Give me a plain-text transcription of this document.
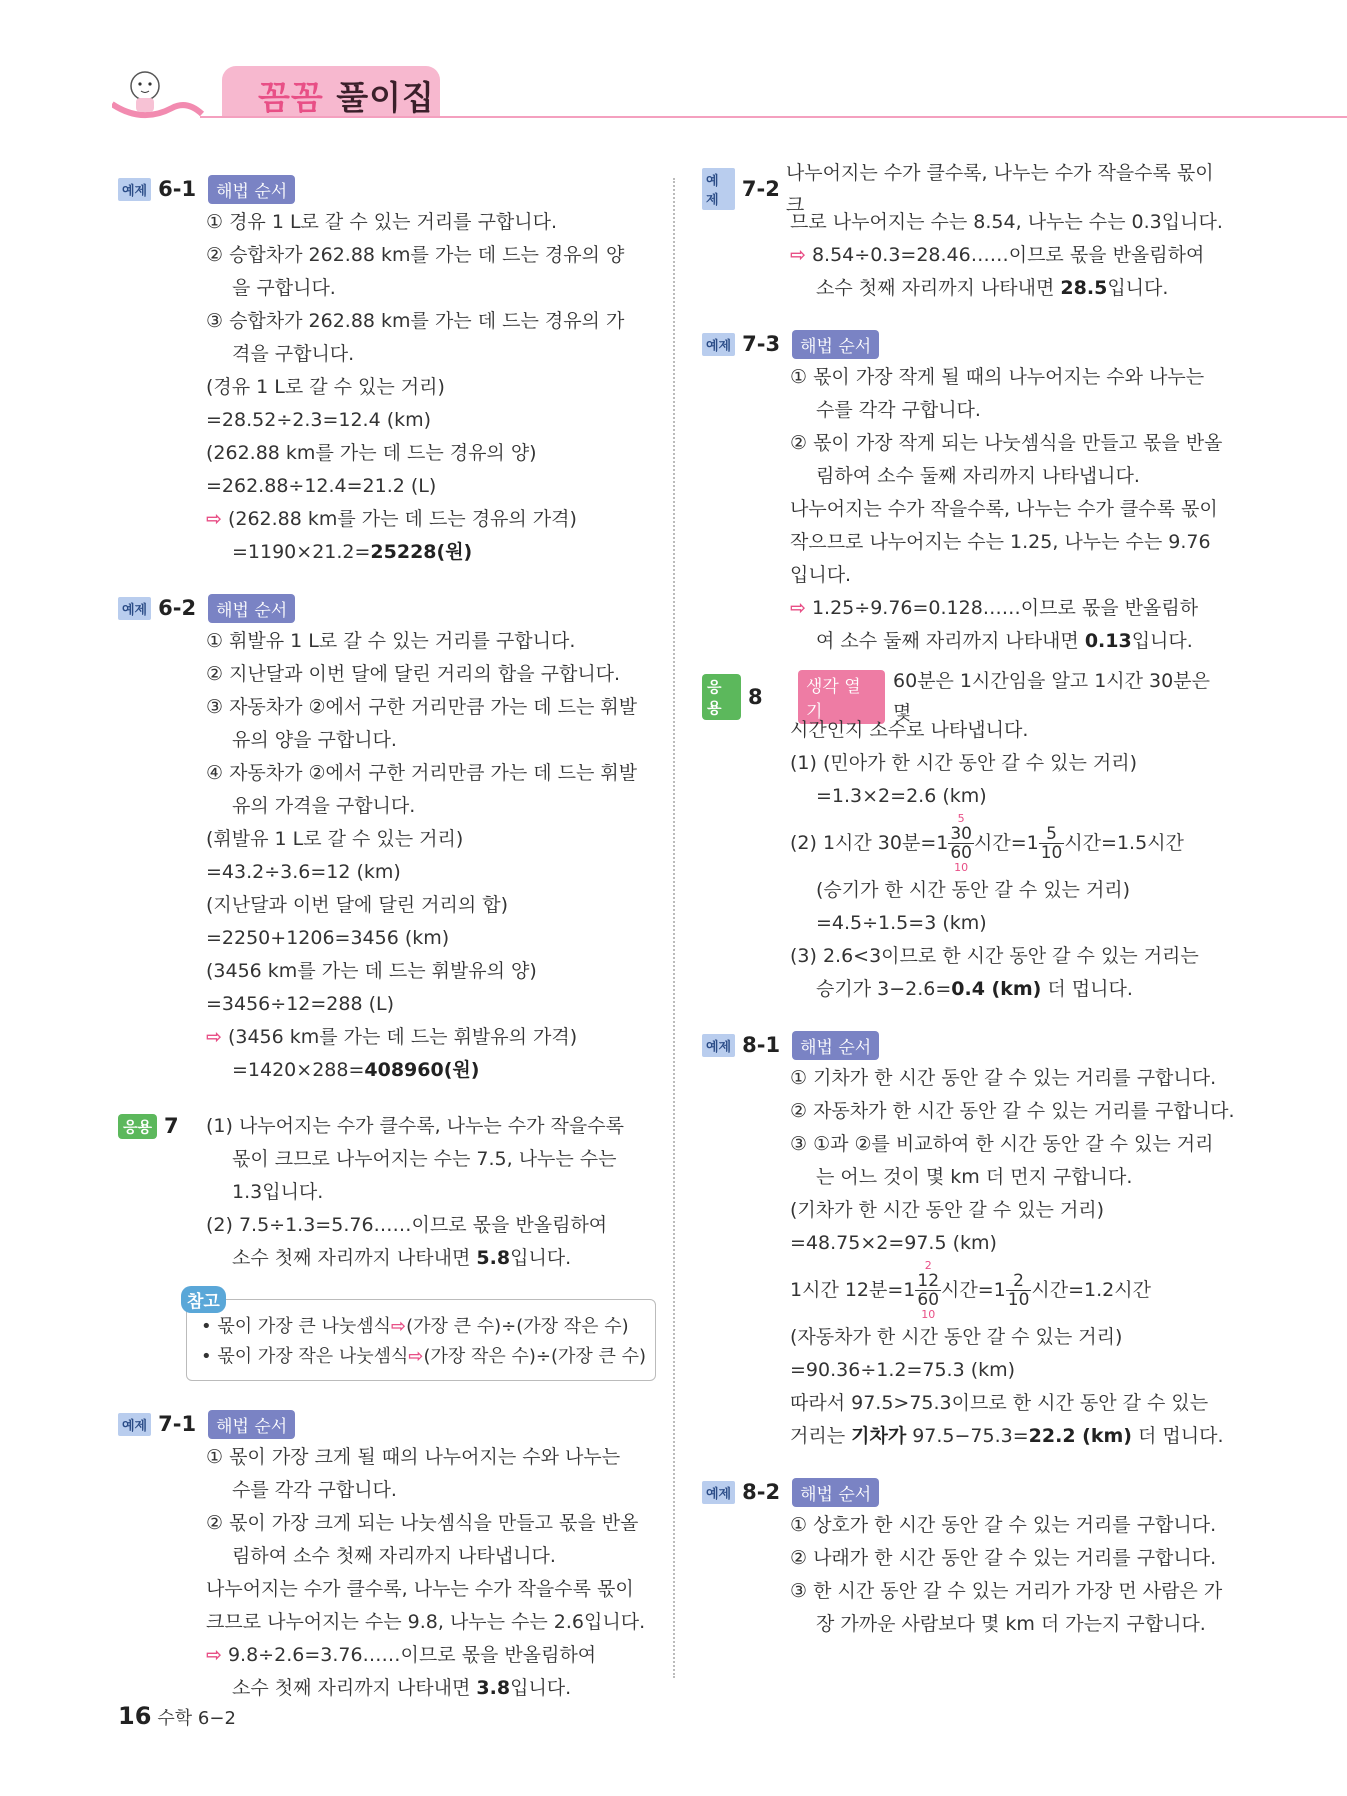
꼼꼼 풀이집
예제 6-1	해법 순서
① 경유 1 L로 갈 수 있는 거리를 구합니다.
② 승합차가 262.88 km를 가는 데 드는 경유의 양
을 구합니다.
③ 승합차가 262.88 km를 가는 데 드는 경유의 가
격을 구합니다.
(경유 1 L로 갈 수 있는 거리)
=28.52÷2.3=12.4 (km)
(262.88 km를 가는 데 드는 경유의 양)
=262.88÷12.4=21.2 (L)
⇨ (262.88 km를 가는 데 드는 경유의 가격)
=1190×21.2=25228(원)
예제 6-2	해법 순서
① 휘발유 1 L로 갈 수 있는 거리를 구합니다.
② 지난달과 이번 달에 달린 거리의 합을 구합니다.
③ 자동차가 ②에서 구한 거리만큼 가는 데 드는 휘발
유의 양을 구합니다.
④ 자동차가 ②에서 구한 거리만큼 가는 데 드는 휘발
유의 가격을 구합니다.
(휘발유 1 L로 갈 수 있는 거리)
=43.2÷3.6=12 (km)
(지난달과 이번 달에 달린 거리의 합)
=2250+1206=3456 (km)
(3456 km를 가는 데 드는 휘발유의 양)
=3456÷12=288 (L)
⇨ (3456 km를 가는 데 드는 휘발유의 가격)
=1420×288=408960(원)
응용 7	(1) 나누어지는 수가 클수록, 나누는 수가 작을수록
몫이 크므로 나누어지는 수는 7.5, 나누는 수는
1.3입니다.
(2) 7.5÷1.3=5.76……이므로 몫을 반올림하여
소수 첫째 자리까지 나타내면 5.8입니다.
참고
• 몫이 가장 큰 나눗셈식⇨(가장 큰 수)÷(가장 작은 수)
• 몫이 가장 작은 나눗셈식⇨(가장 작은 수)÷(가장 큰 수)
예제 7-1	해법 순서
① 몫이 가장 크게 될 때의 나누어지는 수와 나누는
수를 각각 구합니다.
② 몫이 가장 크게 되는 나눗셈식을 만들고 몫을 반올
림하여 소수 첫째 자리까지 나타냅니다.
나누어지는 수가 클수록, 나누는 수가 작을수록 몫이
크므로 나누어지는 수는 9.8, 나누는 수는 2.6입니다.
⇨ 9.8÷2.6=3.76……이므로 몫을 반올림하여
소수 첫째 자리까지 나타내면 3.8입니다.
예제	7-2
나누어지는 수가 클수록, 나누는 수가 작을수록 몫이 크
므로 나누어지는 수는 8.54, 나누는 수는 0.3입니다.
⇨ 8.54÷0.3=28.46……이므로 몫을 반올림하여
소수 첫째 자리까지 나타내면 28.5입니다.
예제 7-3	해법 순서
① 몫이 가장 작게 될 때의 나누어지는 수와 나누는
수를 각각 구합니다.
② 몫이 가장 작게 되는 나눗셈식을 만들고 몫을 반올
림하여 소수 둘째 자리까지 나타냅니다.
나누어지는 수가 작을수록, 나누는 수가 클수록 몫이
작으므로 나누어지는 수는 1.25, 나누는 수는 9.76
입니다.
⇨ 1.25÷9.76=0.128……이므로 몫을 반올림하
여 소수 둘째 자리까지 나타내면 0.13입니다.
응용	8	생각 열기
60분은 1시간임을 알고 1시간 30분은 몇
시간인지 소수로 나타냅니다.
(1) (민아가 한 시간 동안 갈 수 있는 거리)
=1.3×2=2.6 (km)
(2) 1시간 30분=1
5
30
60
10
시간$=1 \frac{5}{10}$ 시간=1.5시간
(승기가 한 시간 동안 갈 수 있는 거리)
=4.5÷1.5=3 (km)
(3) 2.6<3이므로 한 시간 동안 갈 수 있는 거리는
승기가 3−2.6=0.4 (km) 더 멉니다.
예제 8-1	해법 순서
① 기차가 한 시간 동안 갈 수 있는 거리를 구합니다.
② 자동차가 한 시간 동안 갈 수 있는 거리를 구합니다.
③ ①과 ②를 비교하여 한 시간 동안 갈 수 있는 거리
는 어느 것이 몇 km 더 먼지 구합니다.
(기차가 한 시간 동안 갈 수 있는 거리)
=48.75×2=97.5 (km)
1시간 12분=1
2
12
60
10
시간$=1 \frac{2}{10}$ 시간=1.2시간
(자동차가 한 시간 동안 갈 수 있는 거리)
=90.36÷1.2=75.3 (km)
따라서 97.5>75.3이므로 한 시간 동안 갈 수 있는
거리는 기차가 97.5−75.3=22.2 (km) 더 멉니다.
예제 8-2	해법 순서
① 상호가 한 시간 동안 갈 수 있는 거리를 구합니다.
② 나래가 한 시간 동안 갈 수 있는 거리를 구합니다.
③ 한 시간 동안 갈 수 있는 거리가 가장 먼 사람은 가
장 가까운 사람보다 몇 km 더 가는지 구합니다.
16 수학 6−2
